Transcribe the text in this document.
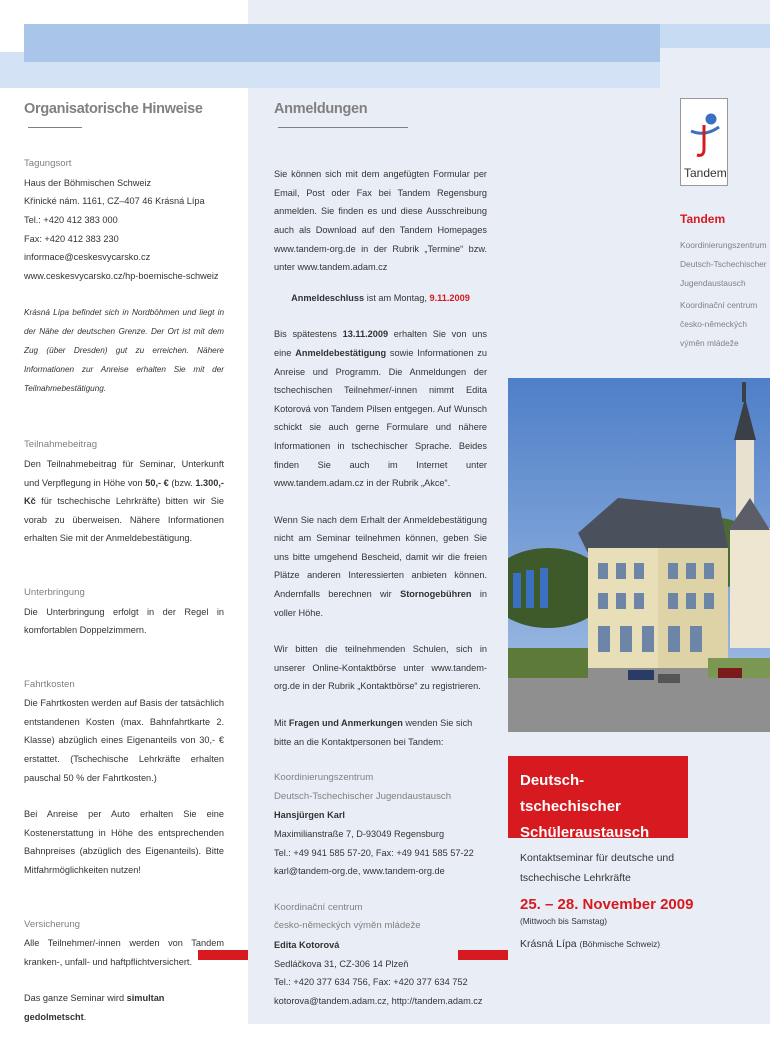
Organisatorische Hinweise
Tagungsort
Haus der Böhmischen Schweiz
Křinické nám. 1161, CZ–407 46 Krásná Lípa
Tel.: +420 412 383 000
Fax: +420 412 383 230
informace@ceskesvycarsko.cz
www.ceskesvycarsko.cz/hp-boemische-schweiz
Krásná Lípa befindet sich in Nordböhmen und liegt in der Nähe der deutschen Grenze. Der Ort ist mit dem Zug (über Dresden) gut zu erreichen. Nähere Informationen zur Anreise erhalten Sie mit der Teilnahmebestätigung.
Teilnahmebeitrag
Den Teilnahmebeitrag für Seminar, Unterkunft und Verpflegung in Höhe von 50,- € (bzw. 1.300,- Kč für tschechische Lehrkräfte) bitten wir Sie vorab zu überweisen. Nähere Informationen erhalten Sie mit der Anmeldebestätigung.
Unterbringung
Die Unterbringung erfolgt in der Regel in komfortablen Doppelzimmern.
Fahrtkosten
Die Fahrtkosten werden auf Basis der tatsächlich entstandenen Kosten (max. Bahnfahrtkarte 2. Klasse) abzüglich eines Eigenanteils von 30,- € erstattet. (Tschechische Lehrkräfte erhalten pauschal 50 % der Fahrtkosten.)
Bei Anreise per Auto erhalten Sie eine Kostenerstattung in Höhe des entsprechenden Bahnpreises (abzüglich des Eigenanteils). Bitte Mitfahrmöglichkeiten nutzen!
Versicherung
Alle Teilnehmer/-innen werden von Tandem kranken-, unfall- und haftpflichtversichert.
Das ganze Seminar wird simultan gedolmetscht.
Anmeldungen
Sie können sich mit dem angefügten Formular per Email, Post oder Fax bei Tandem Regensburg anmelden. Sie finden es und diese Ausschreibung auch als Download auf den Tandem Homepages www.tandem-org.de in der Rubrik „Termine“ bzw. unter www.tandem.adam.cz
Anmeldeschluss ist am Montag, 9.11.2009
Bis spätestens 13.11.2009 erhalten Sie von uns eine Anmeldebestätigung sowie Informationen zu Anreise und Programm. Die Anmeldungen der tschechischen Teilnehmer/-innen nimmt Edita Kotorová von Tandem Pilsen entgegen. Auf Wunsch schickt sie auch gerne Formulare und nähere Informationen in tschechischer Sprache. Beides finden Sie auch im Internet unter www.tandem.adam.cz in der Rubrik „Akce“.
Wenn Sie nach dem Erhalt der Anmeldebestätigung nicht am Seminar teilnehmen können, geben Sie uns bitte umgehend Bescheid, damit wir die freien Plätze anderen Interessierten anbieten können. Andernfalls berechnen wir Stornogebühren in voller Höhe.
Wir bitten die teilnehmenden Schulen, sich in unserer Online-Kontaktbörse unter www.tandem-org.de in der Rubrik „Kontaktbörse“ zu registrieren.
Mit Fragen und Anmerkungen wenden Sie sich bitte an die Kontaktpersonen bei Tandem:
Koordinierungszentrum
Deutsch-Tschechischer Jugendaustausch
Hansjürgen Karl
Maximilianstraße 7, D-93049 Regensburg
Tel.: +49 941 585 57-20, Fax: +49 941 585 57-22
karl@tandem-org.de, www.tandem-org.de
Koordinační centrum
česko-německých výměn mládeže
Edita Kotorová
Sedláčkova 31, CZ-306 14 Plzeň
Tel.: +420 377 634 756, Fax: +420 377 634 752
kotorova@tandem.adam.cz, http://tandem.adam.cz
Tandem
Tandem
Koordinierungszentrum
Deutsch-Tschechischer
Jugendaustausch
Koordinační centrum
česko-německých
výměn mládeže
Deutsch-tschechischer
Schüleraustausch
Kontaktseminar für deutsche und tschechische Lehrkräfte
25. – 28. November 2009
(Mittwoch bis Samstag)
Krásná Lípa (Böhmische Schweiz)
